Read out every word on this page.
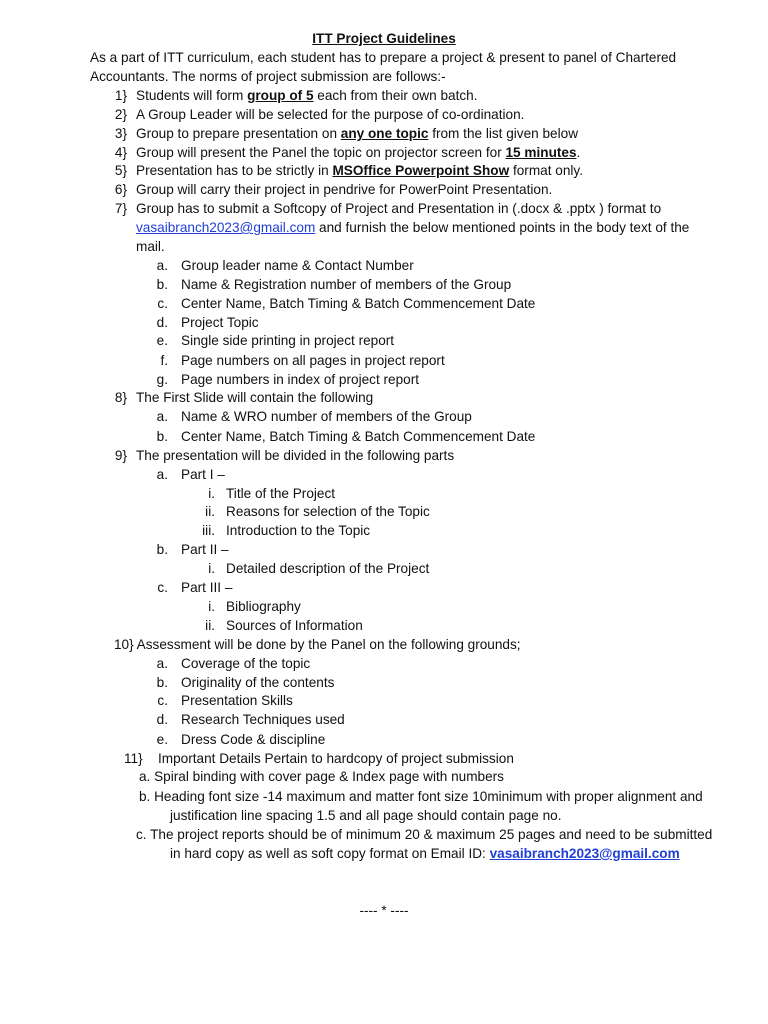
ITT Project Guidelines
As a part of ITT curriculum, each student has to prepare a project & present to panel of Chartered
Accountants. The norms of project submission are follows:-
1} Students will form group of 5 each from their own batch.
2} A Group Leader will be selected for the purpose of co-ordination.
3} Group to prepare presentation on any one topic from the list given below
4} Group will present the Panel the topic on projector screen for 15 minutes.
5} Presentation has to be strictly in MSOffice Powerpoint Show format only.
6} Group will carry their project in pendrive for PowerPoint Presentation.
7} Group has to submit a Softcopy of Project and Presentation in (.docx & .pptx ) format to
vasaibranch2023@gmail.com and furnish the below mentioned points in the body text of the
mail.
a. Group leader name & Contact Number
b. Name & Registration number of members of the Group
c. Center Name, Batch Timing & Batch Commencement Date
d. Project Topic
e. Single side printing in project report
f. Page numbers on all pages in project report
g. Page numbers in index of project report
8} The First Slide will contain the following
a. Name & WRO number of members of the Group
b. Center Name, Batch Timing & Batch Commencement Date
9} The presentation will be divided in the following parts
a. Part I –
i. Title of the Project
ii. Reasons for selection of the Topic
iii. Introduction to the Topic
b. Part II –
i. Detailed description of the Project
c. Part III –
i. Bibliography
ii. Sources of Information
10} Assessment will be done by the Panel on the following grounds;
a. Coverage of the topic
b. Originality of the contents
c. Presentation Skills
d. Research Techniques used
e. Dress Code & discipline
11} Important Details Pertain to hardcopy of project submission
a. Spiral binding with cover page & Index page with numbers
b. Heading font size -14 maximum and matter font size 10minimum with proper alignment and
justification line spacing 1.5 and all page should contain page no.
c. The project reports should be of minimum 20 & maximum 25 pages and need to be submitted
in hard copy as well as soft copy format on Email ID: vasaibranch2023@gmail.com
---- * ----
